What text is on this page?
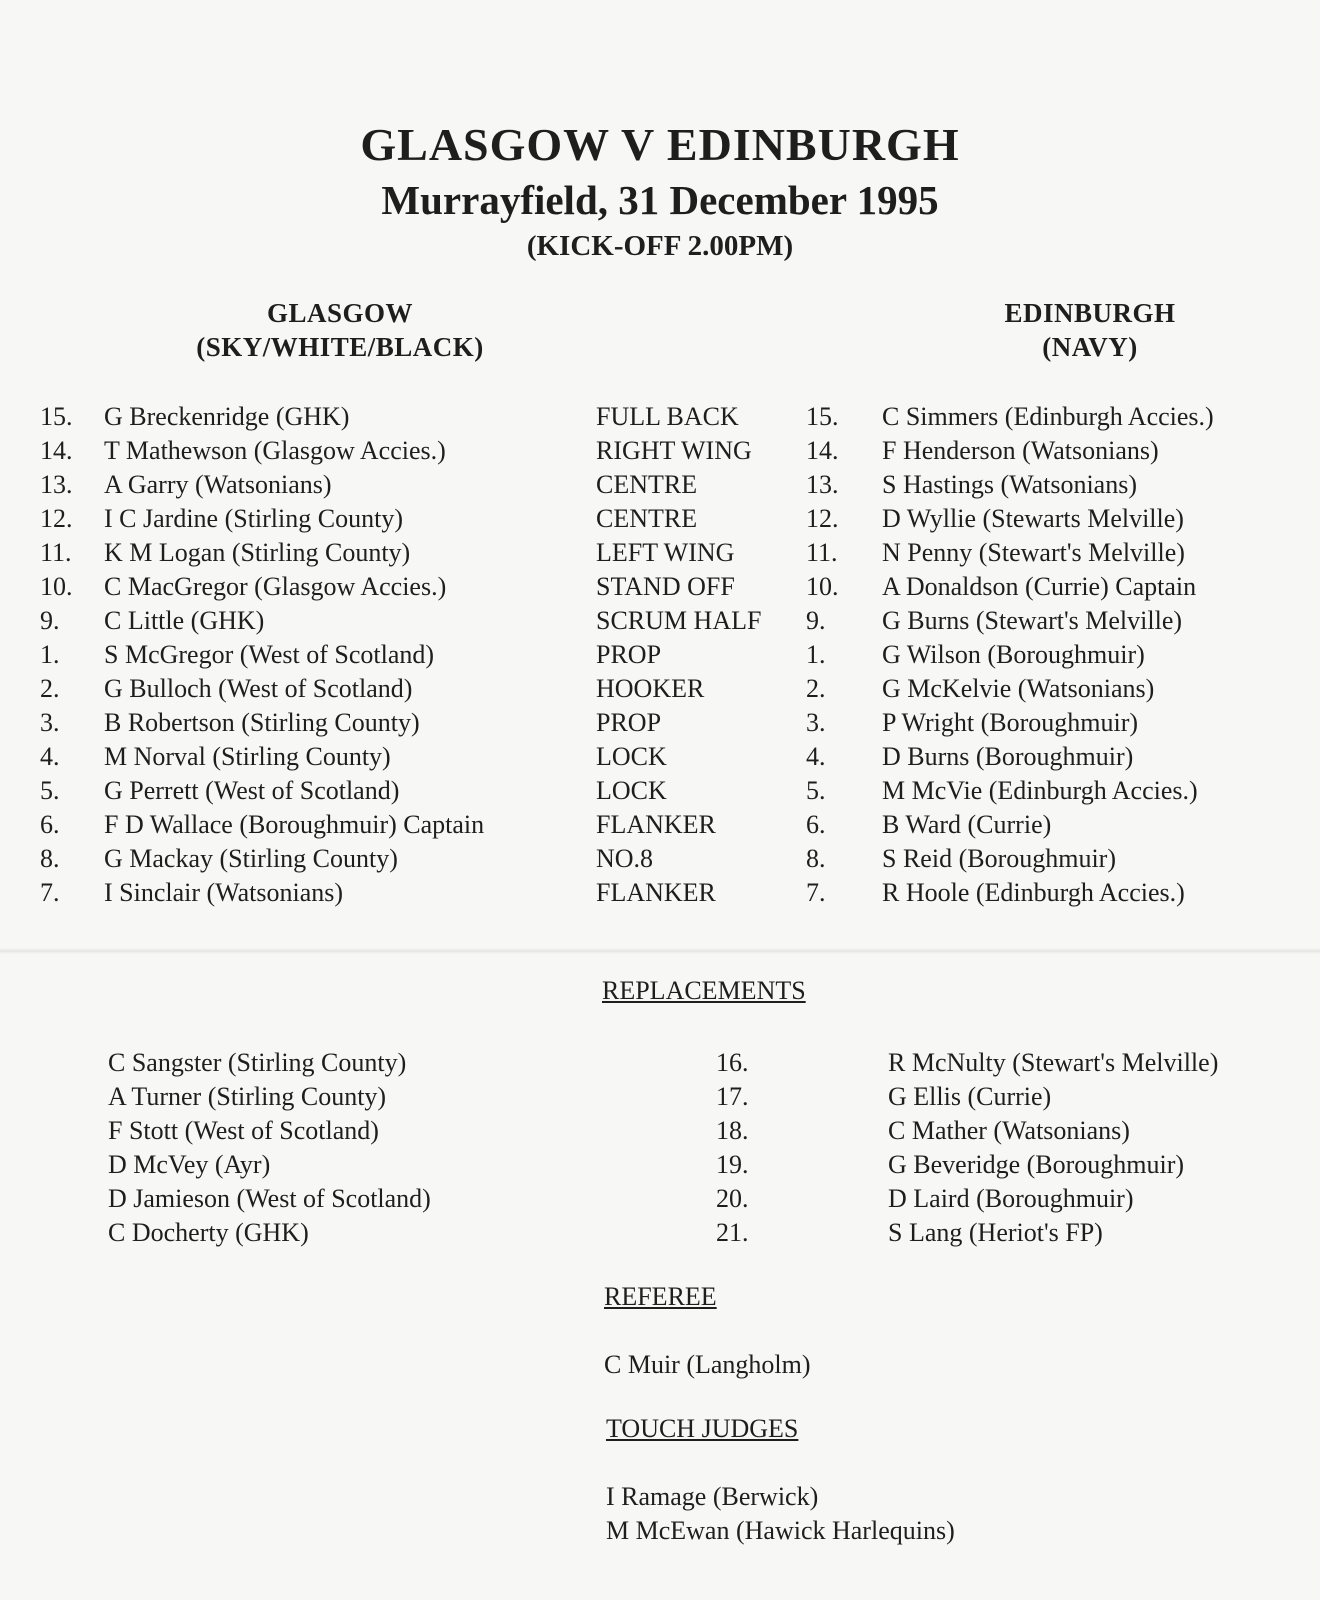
GLASGOW V EDINBURGH
Murrayfield, 31 December 1995
(KICK-OFF 2.00PM)
GLASGOW
(SKY/WHITE/BLACK)
EDINBURGH
(NAVY)
15. G Breckenridge (GHK)	FULL BACK	15. C Simmers (Edinburgh Accies.)
14. T Mathewson (Glasgow Accies.)	RIGHT WING 14. F Henderson (Watsonians)
13. A Garry (Watsonians)	CENTRE	13. S Hastings (Watsonians)
12. I C Jardine (Stirling County)	CENTRE	12. D Wyllie (Stewarts Melville)
11. K M Logan (Stirling County)	LEFT WING	11. N Penny (Stewart's Melville)
10. C MacGregor (Glasgow Accies.)	STAND OFF	10. A Donaldson (Currie) Captain
9. C Little (GHK)	SCRUM HALF 9. G Burns (Stewart's Melville)
1. S McGregor (West of Scotland)	PROP	1. G Wilson (Boroughmuir)
2. G Bulloch (West of Scotland)	HOOKER	2. G McKelvie (Watsonians)
3. B Robertson (Stirling County)	PROP	3. P Wright (Boroughmuir)
4. M Norval (Stirling County)	LOCK	4. D Burns (Boroughmuir)
5. G Perrett (West of Scotland)	LOCK	5. M McVie (Edinburgh Accies.)
6. F D Wallace (Boroughmuir) Captain	FLANKER	6. B Ward (Currie)
8. G Mackay (Stirling County)	NO.8	8. S Reid (Boroughmuir)
7. I Sinclair (Watsonians)	FLANKER	7. R Hoole (Edinburgh Accies.)
REPLACEMENTS
C Sangster (Stirling County)	16.	R McNulty (Stewart's Melville)
A Turner (Stirling County)	17.	G Ellis (Currie)
F Stott (West of Scotland)	18.	C Mather (Watsonians)
D McVey (Ayr)	19.	G Beveridge (Boroughmuir)
D Jamieson (West of Scotland)	20.	D Laird (Boroughmuir)
C Docherty (GHK)	21.	S Lang (Heriot's FP)
REFEREE
C Muir (Langholm)
TOUCH JUDGES
I Ramage (Berwick)
M McEwan (Hawick Harlequins)
